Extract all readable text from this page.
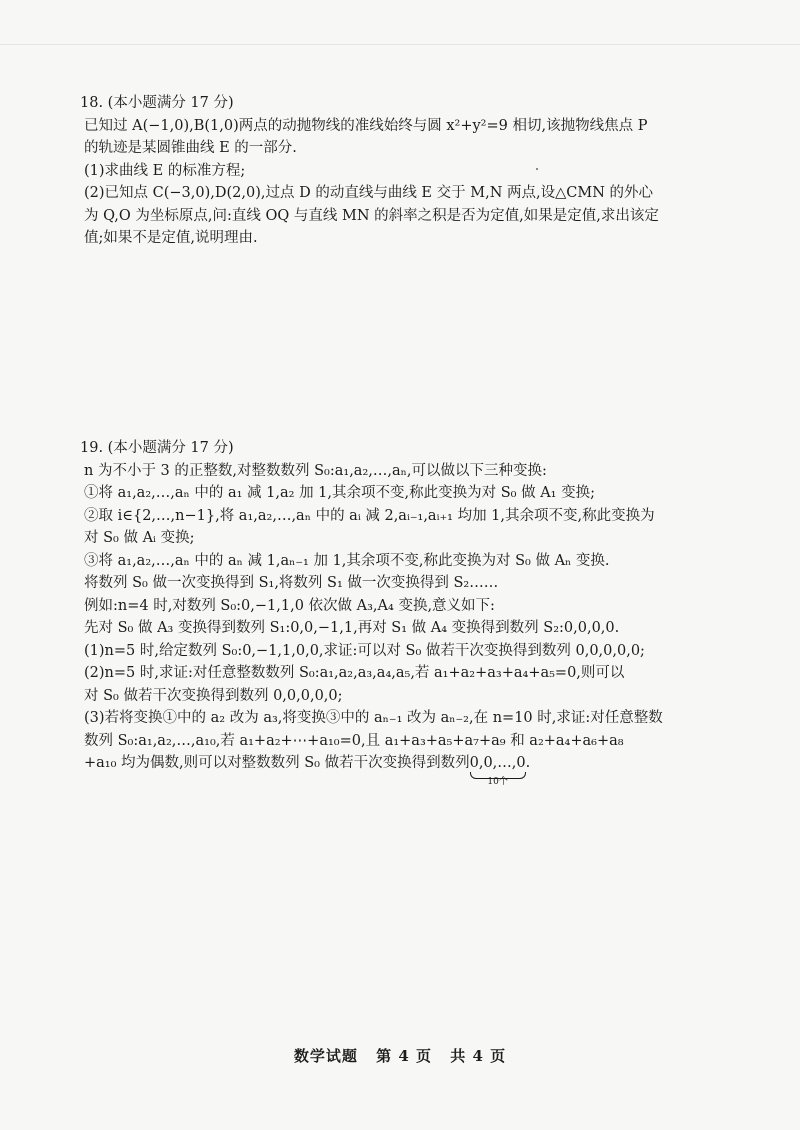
18. (本小题满分 17 分)

已知过 A(−1,0),B(1,0)两点的动抛物线的准线始终与圆 x²+y²=9 相切,该抛物线焦点 P

的轨迹是某圆锥曲线 E 的一部分.

(1)求曲线 E 的标准方程;

(2)已知点 C(−3,0),D(2,0),过点 D 的动直线与曲线 E 交于 M,N 两点,设△CMN 的外心

为 Q,O 为坐标原点,问:直线 OQ 与直线 MN 的斜率之积是否为定值,如果是定值,求出该定

值;如果不是定值,说明理由.

19. (本小题满分 17 分)

n 为不小于 3 的正整数,对整数数列 S₀:a₁,a₂,…,aₙ,可以做以下三种变换:

①将 a₁,a₂,…,aₙ 中的 a₁ 减 1,a₂ 加 1,其余项不变,称此变换为对 S₀ 做 A₁ 变换;

②取 i∈{2,…,n−1},将 a₁,a₂,…,aₙ 中的 aᵢ 减 2,aᵢ₋₁,aᵢ₊₁ 均加 1,其余项不变,称此变换为

对 S₀ 做 Aᵢ 变换;

③将 a₁,a₂,…,aₙ 中的 aₙ 减 1,aₙ₋₁ 加 1,其余项不变,称此变换为对 S₀ 做 Aₙ 变换.

将数列 S₀ 做一次变换得到 S₁,将数列 S₁ 做一次变换得到 S₂……

例如:n=4 时,对数列 S₀:0,−1,1,0 依次做 A₃,A₄ 变换,意义如下:

先对 S₀ 做 A₃ 变换得到数列 S₁:0,0,−1,1,再对 S₁ 做 A₄ 变换得到数列 S₂:0,0,0,0.

(1)n=5 时,给定数列 S₀:0,−1,1,0,0,求证:可以对 S₀ 做若干次变换得到数列 0,0,0,0,0;

(2)n=5 时,求证:对任意整数数列 S₀:a₁,a₂,a₃,a₄,a₅,若 a₁+a₂+a₃+a₄+a₅=0,则可以

对 S₀ 做若干次变换得到数列 0,0,0,0,0;

(3)若将变换①中的 a₂ 改为 a₃,将变换③中的 aₙ₋₁ 改为 aₙ₋₂,在 n=10 时,求证:对任意整数

数列 S₀:a₁,a₂,…,a₁₀,若 a₁+a₂+⋯+a₁₀=0,且 a₁+a₃+a₅+a₇+a₉ 和 a₂+a₄+a₆+a₈

+a₁₀ 均为偶数,则可以对整数数列 S₀ 做若干次变换得到数列0,0,…,0
10个
.

数学试题 第 4 页 共 4 页
